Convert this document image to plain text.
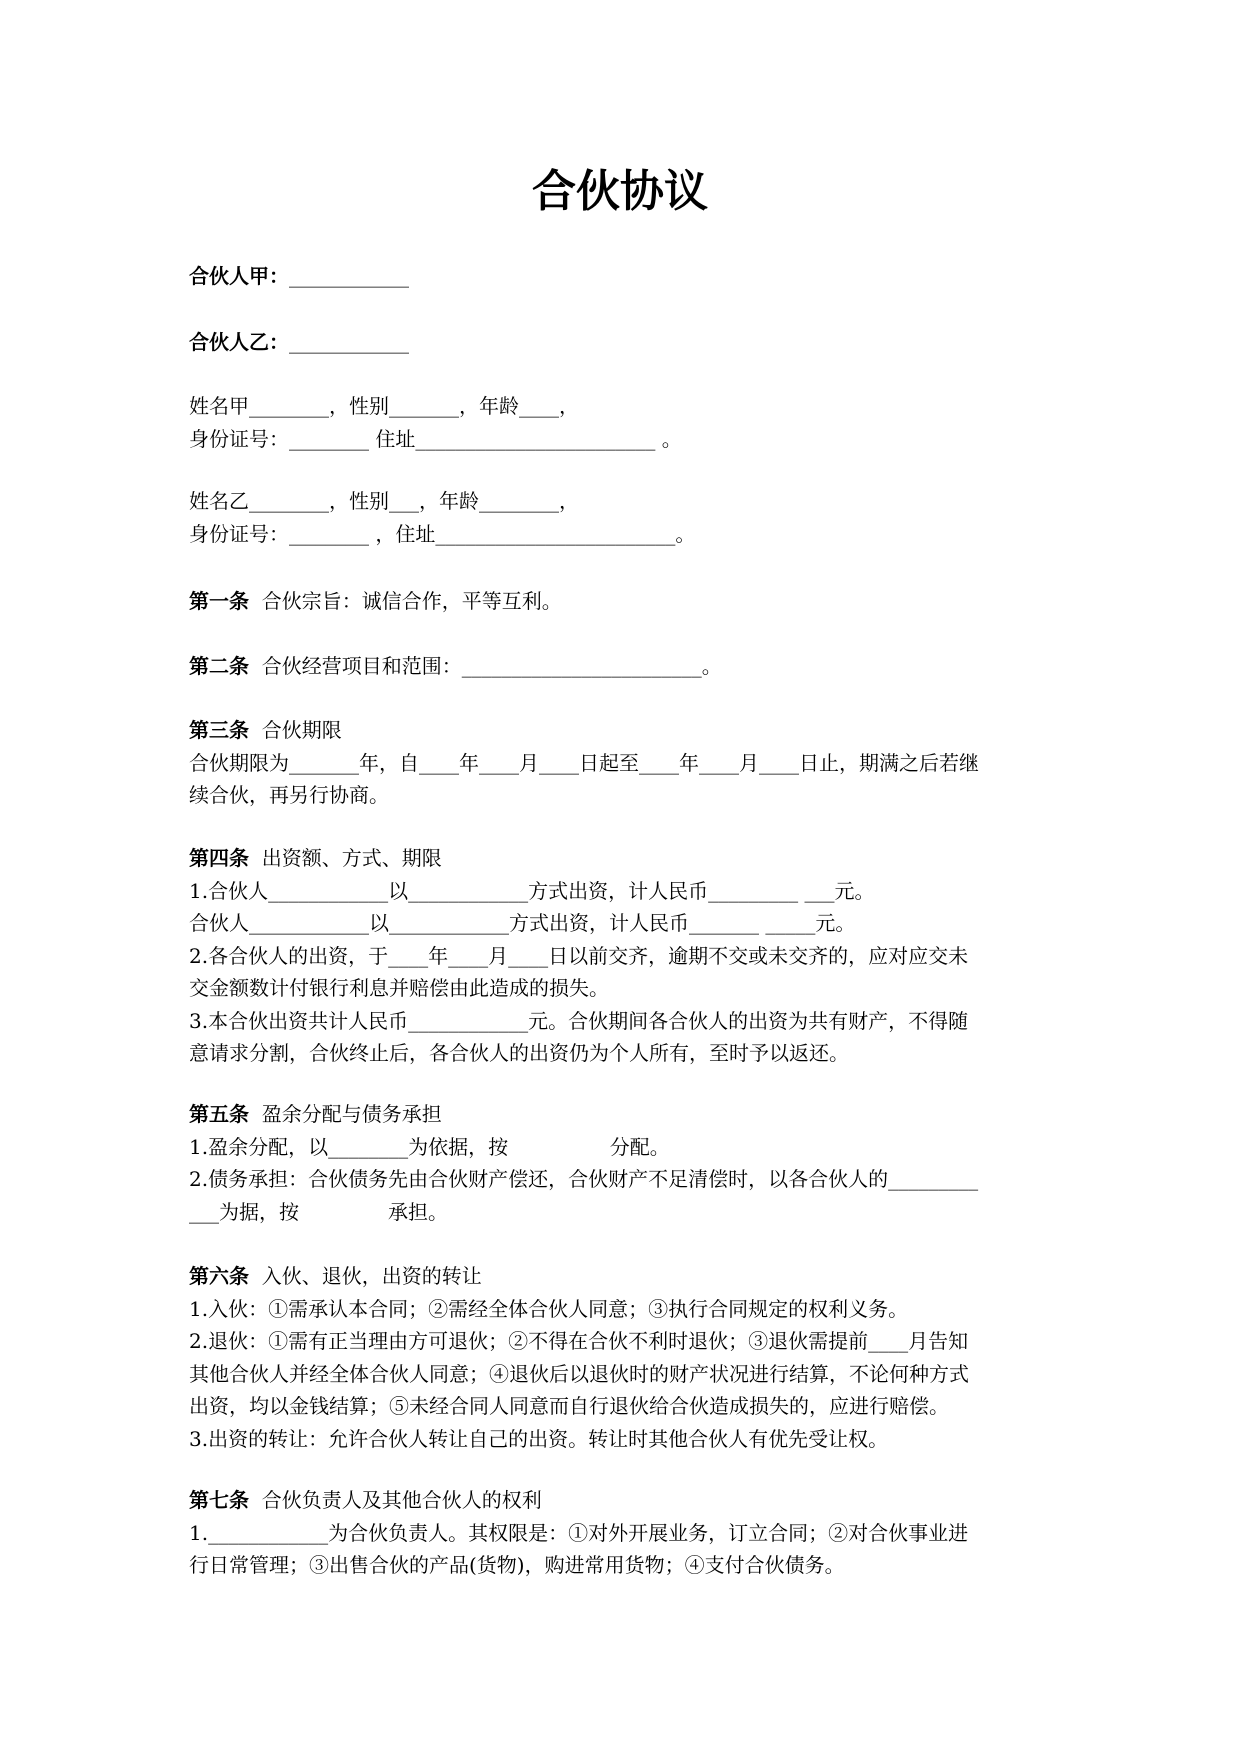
合伙协议
合伙人甲：____________
合伙人乙：____________
姓名甲________，性别_______，年龄____，
身份证号：________ 住址________________________ 。
姓名乙________，性别___，年龄________，
身份证号：________ ，住址________________________。
第一条 合伙宗旨：诚信合作，平等互利。
第二条 合伙经营项目和范围：________________________。
第三条 合伙期限
合伙期限为_______年，自____年____月____日起至____年____月____日止，期满之后若继
续合伙，再另行协商。
第四条 出资额、方式、期限
1.合伙人____________以____________方式出资，计人民币_________ ___元。
合伙人____________以____________方式出资，计人民币_______ _____元。
2.各合伙人的出资，于____年____月____日以前交齐，逾期不交或未交齐的，应对应交未
交金额数计付银行利息并赔偿由此造成的损失。
3.本合伙出资共计人民币____________元。合伙期间各合伙人的出资为共有财产，不得随
意请求分割，合伙终止后，各合伙人的出资仍为个人所有，至时予以返还。
第五条 盈余分配与债务承担
1.盈余分配，以________为依据，按                分配。
2.债务承担：合伙债务先由合伙财产偿还，合伙财产不足清偿时，以各合伙人的_________
___为据，按              承担。
第六条 入伙、退伙，出资的转让
1.入伙：①需承认本合同；②需经全体合伙人同意；③执行合同规定的权利义务。
2.退伙：①需有正当理由方可退伙；②不得在合伙不利时退伙；③退伙需提前____月告知
其他合伙人并经全体合伙人同意；④退伙后以退伙时的财产状况进行结算，不论何种方式
出资，均以金钱结算；⑤未经合同人同意而自行退伙给合伙造成损失的，应进行赔偿。
3.出资的转让：允许合伙人转让自己的出资。转让时其他合伙人有优先受让权。
第七条 合伙负责人及其他合伙人的权利
1.____________为合伙负责人。其权限是：①对外开展业务，订立合同；②对合伙事业进
行日常管理；③出售合伙的产品(货物)，购进常用货物；④支付合伙债务。
